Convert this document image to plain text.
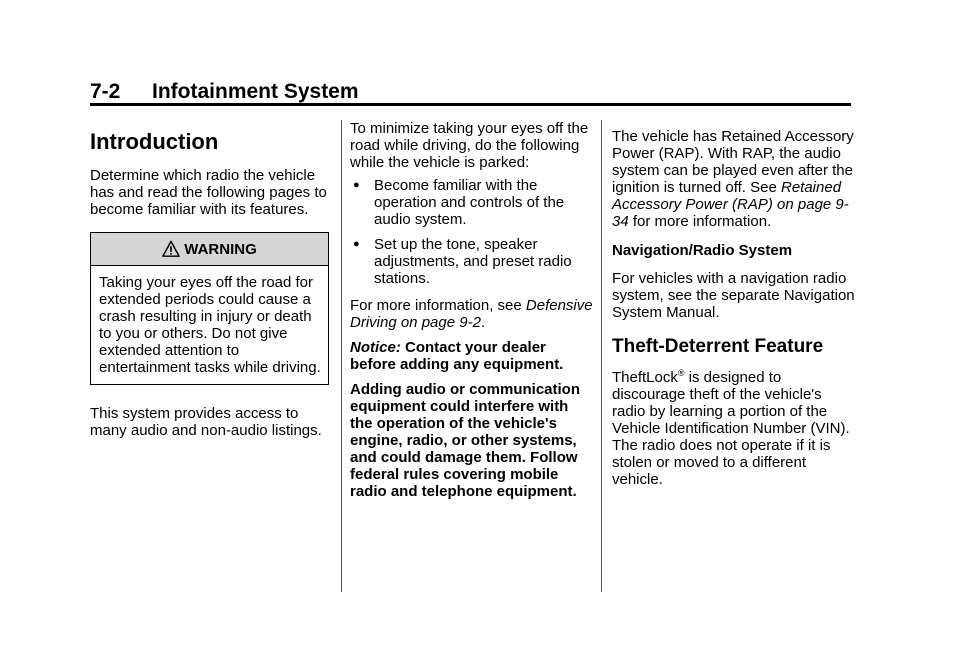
7-2 Infotainment System
Introduction

Determine which radio the vehicle has and read the following pages to become familiar with its features.

WARNING
Taking your eyes off the road for extended periods could cause a crash resulting in injury or death to you or others. Do not give extended attention to entertainment tasks while driving.

This system provides access to many audio and non-audio listings.

To minimize taking your eyes off the road while driving, do the following while the vehicle is parked:

● Become familiar with the operation and controls of the audio system.
● Set up the tone, speaker adjustments, and preset radio stations.

For more information, see Defensive Driving on page 9-2.

Notice: Contact your dealer before adding any equipment.

Adding audio or communication equipment could interfere with the operation of the vehicle's engine, radio, or other systems, and could damage them. Follow federal rules covering mobile radio and telephone equipment.

The vehicle has Retained Accessory Power (RAP). With RAP, the audio system can be played even after the ignition is turned off. See Retained Accessory Power (RAP) on page 9-34 for more information.

Navigation/Radio System

For vehicles with a navigation radio system, see the separate Navigation System Manual.

Theft-Deterrent Feature

TheftLock® is designed to discourage theft of the vehicle's radio by learning a portion of the Vehicle Identification Number (VIN). The radio does not operate if it is stolen or moved to a different vehicle.
